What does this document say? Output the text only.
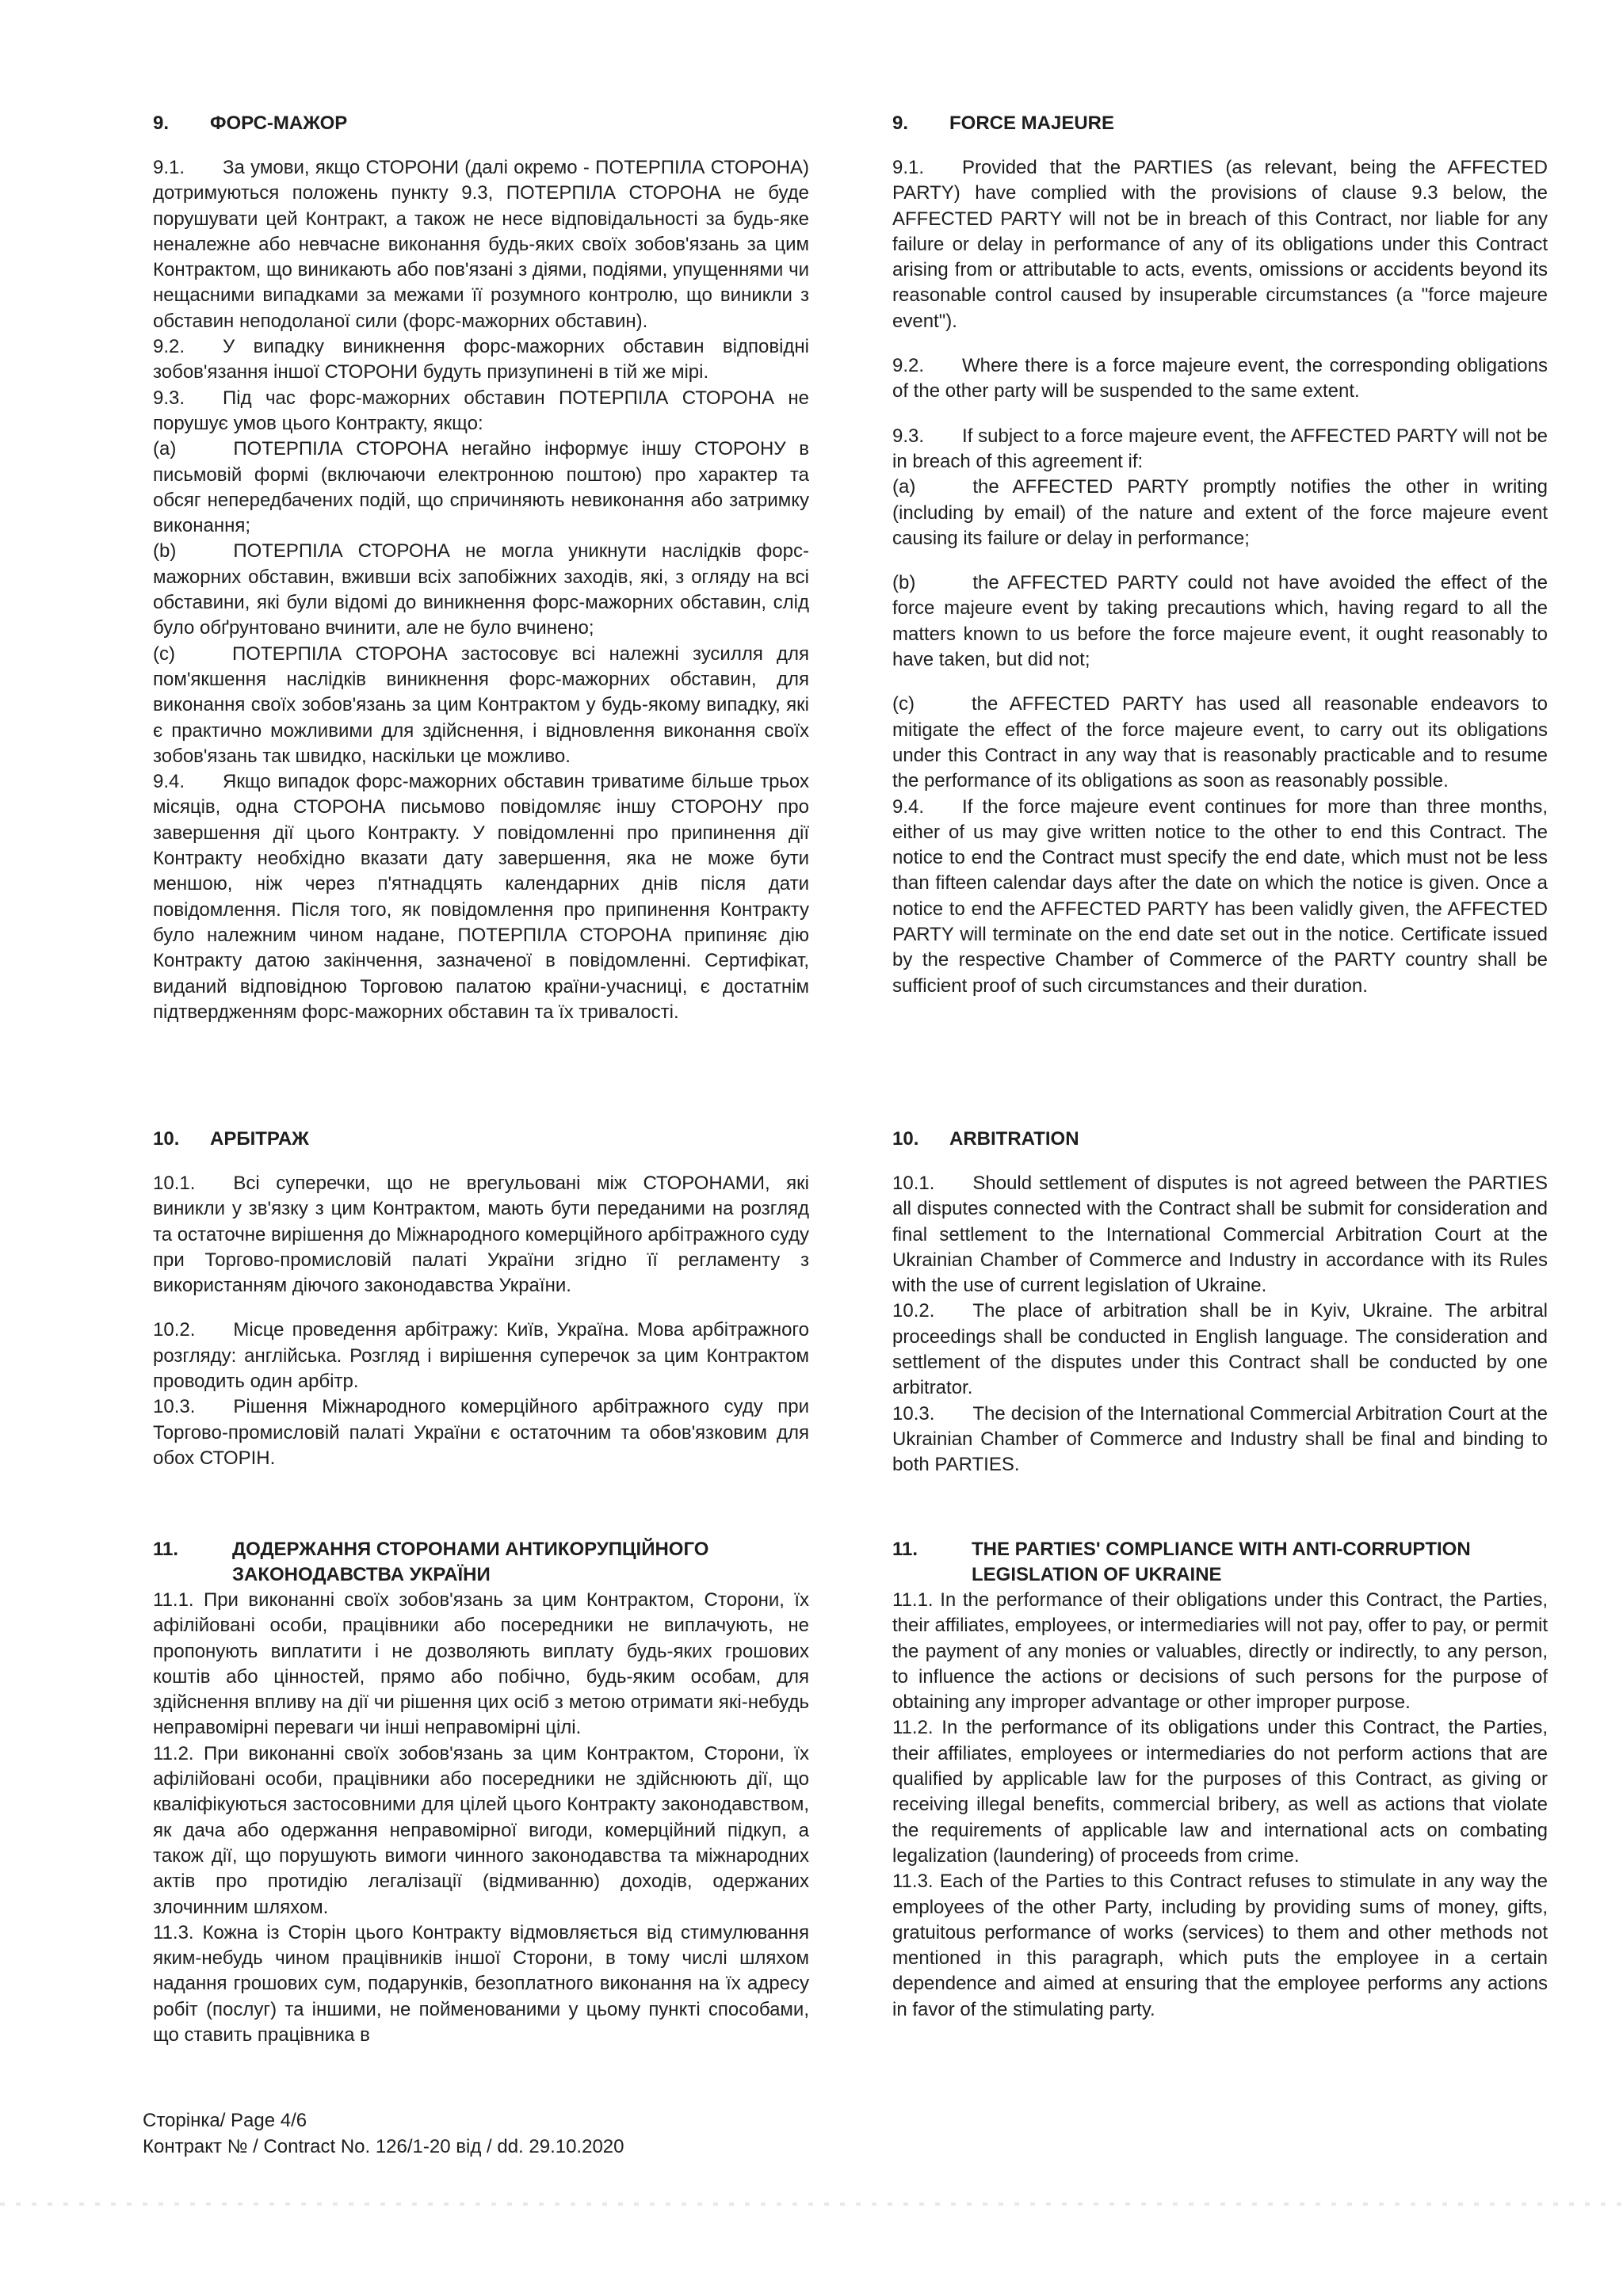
9. ФОРС-МАЖОР

9.1.  За умови, якщо СТОРОНИ (далі окремо - ПОТЕРПІЛА СТОРОНА) дотримуються положень пункту 9.3, ПОТЕРПІЛА СТОРОНА не буде порушувати цей Контракт, а також не несе відповідальності за будь-яке неналежне або невчасне виконання будь-яких своїх зобов'язань за цим Контрактом, що виникають або пов'язані з діями, подіями, упущеннями чи нещасними випадками за межами її розумного контролю, що виникли з обставин неподоланої сили (форс-мажорних обставин).

9.2.  У випадку виникнення форс-мажорних обставин відповідні зобов'язання іншої СТОРОНИ будуть призупинені в тій же мірі.

9.3.  Під час форс-мажорних обставин ПОТЕРПІЛА СТОРОНА не порушує умов цього Контракту, якщо:

(a)   ПОТЕРПІЛА СТОРОНА негайно інформує іншу СТОРОНУ в письмовій формі (включаючи електронною поштою) про характер та обсяг непередбачених подій, що спричиняють невиконання або затримку виконання;

(b)   ПОТЕРПІЛА СТОРОНА не могла уникнути наслідків форс-мажорних обставин, вживши всіх запобіжних заходів, які, з огляду на всі обставини, які були відомі до виникнення форс-мажорних обставин, слід було обґрунтовано вчинити, але не було вчинено;

(c)   ПОТЕРПІЛА СТОРОНА застосовує всі належні зусилля для пом'якшення наслідків виникнення форс-мажорних обставин, для виконання своїх зобов'язань за цим Контрактом у будь-якому випадку, які є практично можливими для здійснення, і відновлення виконання своїх зобов'язань так швидко, наскільки це можливо.

9.4.  Якщо випадок форс-мажорних обставин триватиме більше трьох місяців, одна СТОРОНА письмово повідомляє іншу СТОРОНУ про завершення дії цього Контракту. У повідомленні про припинення дії Контракту необхідно вказати дату завершення, яка не може бути меншою, ніж через п'ятнадцять календарних днів після дати повідомлення. Після того, як повідомлення про припинення Контракту було належним чином надане, ПОТЕРПІЛА СТОРОНА припиняє дію Контракту датою закінчення, зазначеної в повідомленні. Сертифікат, виданий відповідною Торговою палатою країни-учасниці, є достатнім підтвердженням форс-мажорних обставин та їх тривалості.

10. АРБІТРАЖ

10.1.  Всі суперечки, що не врегульовані між СТОРОНАМИ, які виникли у зв'язку з цим Контрактом, мають бути переданими на розгляд та остаточне вирішення до Міжнародного комерційного арбітражного суду при Торгово-промисловій палаті України згідно її регламенту з використанням діючого законодавства України.

10.2.  Місце проведення арбітражу: Київ, Україна. Мова арбітражного розгляду: англійська. Розгляд і вирішення суперечок за цим Контрактом проводить один арбітр.

10.3.  Рішення Міжнародного комерційного арбітражного суду при Торгово-промисловій палаті України є остаточним та обов'язковим для обох СТОРІН.

11.	ДОДЕРЖАННЯ СТОРОНАМИ АНТИКОРУПЦІЙНОГО ЗАКОНОДАВСТВА УКРАЇНИ

11.1. При виконанні своїх зобов'язань за цим Контрактом, Сторони, їх афілійовані особи, працівники або посередники не виплачують, не пропонують виплатити і не дозволяють виплату будь-яких грошових коштів або цінностей, прямо або побічно, будь-яким особам, для здійснення впливу на дії чи рішення цих осіб з метою отримати які-небудь неправомірні переваги чи інші неправомірні цілі.

11.2. При виконанні своїх зобов'язань за цим Контрактом, Сторони, їх афілійовані особи, працівники або посередники не здійснюють дії, що кваліфікуються застосовними для цілей цього Контракту законодавством, як дача або одержання неправомірної вигоди, комерційний підкуп, а також дії, що порушують вимоги чинного законодавства та міжнародних актів про протидію легалізації (відмиванню) доходів, одержаних злочинним шляхом.

11.3. Кожна із Сторін цього Контракту відмовляється від стимулювання яким-небудь чином працівників іншої Сторони, в тому числі шляхом надання грошових сум, подарунків, безоплатного виконання на їх адресу робіт (послуг) та іншими, не пойменованими у цьому пункті способами, що ставить працівника в

9. FORCE MAJEURE

9.1.  Provided that the PARTIES (as relevant, being the AFFECTED PARTY) have complied with the provisions of clause 9.3 below, the AFFECTED PARTY will not be in breach of this Contract, nor liable for any failure or delay in performance of any of its obligations under this Contract arising from or attributable to acts, events, omissions or accidents beyond its reasonable control caused by insuperable circumstances (a "force majeure event").

9.2.  Where there is a force majeure event, the corresponding obligations of the other party will be suspended to the same extent.

9.3.  If subject to a force majeure event, the AFFECTED PARTY will not be in breach of this agreement if:

(a)   the AFFECTED PARTY promptly notifies the other in writing (including by email) of the nature and extent of the force majeure event causing its failure or delay in performance;

(b)   the AFFECTED PARTY could not have avoided the effect of the force majeure event by taking precautions which, having regard to all the matters known to us before the force majeure event, it ought reasonably to have taken, but did not;

(c)   the AFFECTED PARTY has used all reasonable endeavors to mitigate the effect of the force majeure event, to carry out its obligations under this Contract in any way that is reasonably practicable and to resume the performance of its obligations as soon as reasonably possible.

9.4.  If the force majeure event continues for more than three months, either of us may give written notice to the other to end this Contract. The notice to end the Contract must specify the end date, which must not be less than fifteen calendar days after the date on which the notice is given. Once a notice to end the AFFECTED PARTY has been validly given, the AFFECTED PARTY will terminate on the end date set out in the notice. Certificate issued by the respective Chamber of Commerce of the PARTY country shall be sufficient proof of such circumstances and their duration.

10. ARBITRATION

10.1.  Should settlement of disputes is not agreed between the PARTIES all disputes connected with the Contract shall be submit for consideration and final settlement to the International Commercial Arbitration Court at the Ukrainian Chamber of Commerce and Industry in accordance with its Rules with the use of current legislation of Ukraine.

10.2.  The place of arbitration shall be in Kyiv, Ukraine. The arbitral proceedings shall be conducted in English language. The consideration and settlement of the disputes under this Contract shall be conducted by one arbitrator.

10.3.  The decision of the International Commercial Arbitration Court at the Ukrainian Chamber of Commerce and Industry shall be final and binding to both PARTIES.

11.	THE PARTIES' COMPLIANCE WITH ANTI-CORRUPTION LEGISLATION OF UKRAINE

11.1. In the performance of their obligations under this Contract, the Parties, their affiliates, employees, or intermediaries will not pay, offer to pay, or permit the payment of any monies or valuables, directly or indirectly, to any person, to influence the actions or decisions of such persons for the purpose of obtaining any improper advantage or other improper purpose.

11.2. In the performance of its obligations under this Contract, the Parties, their affiliates, employees or intermediaries do not perform actions that are qualified by applicable law for the purposes of this Contract, as giving or receiving illegal benefits, commercial bribery, as well as actions that violate the requirements of applicable law and international acts on combating legalization (laundering) of proceeds from crime.

11.3. Each of the Parties to this Contract refuses to stimulate in any way the employees of the other Party, including by providing sums of money, gifts, gratuitous performance of works (services) to them and other methods not mentioned in this paragraph, which puts the employee in a certain dependence and aimed at ensuring that the employee performs any actions in favor of the stimulating party.

Сторінка/ Page 4/6
Контракт № / Contract No. 126/1-20 від / dd. 29.10.2020
